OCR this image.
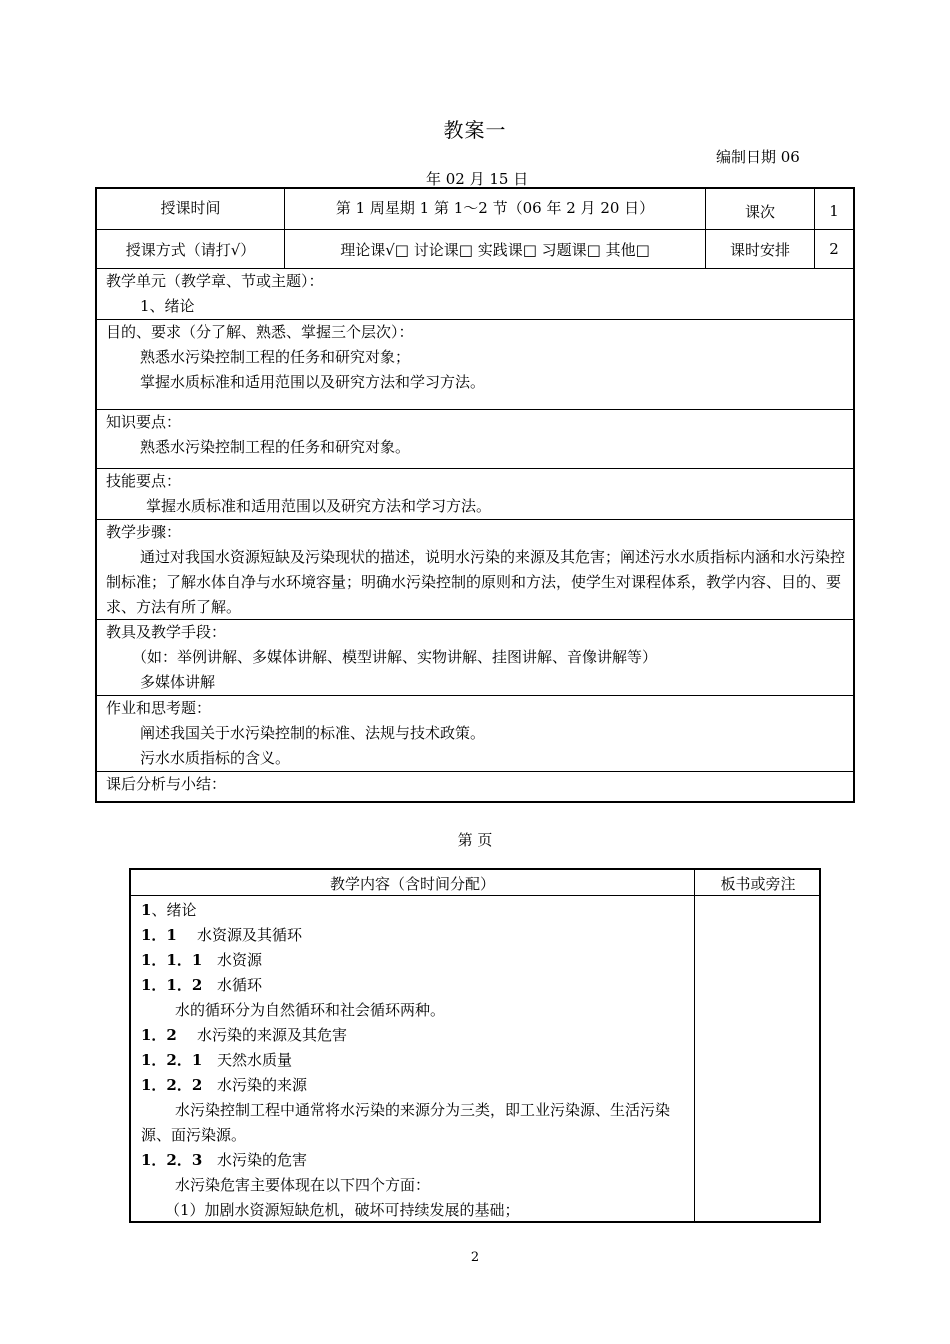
教案一
编制日期 06
年 02 月 15 日
授课时间	第 1 周星期 1 第 1～2 节（06 年 2 月 20 日）	课次	1
授课方式（请打√）	理论课√□ 讨论课□ 实践课□ 习题课□ 其他□	课时安排	2
教学单元（教学章、节或主题）：
1、绪论
目的、要求（分了解、熟悉、掌握三个层次）：
熟悉水污染控制工程的任务和研究对象；
掌握水质标准和适用范围以及研究方法和学习方法。
知识要点：
熟悉水污染控制工程的任务和研究对象。
技能要点：
掌握水质标准和适用范围以及研究方法和学习方法。
教学步骤：
通过对我国水资源短缺及污染现状的描述，说明水污染的来源及其危害；阐述污水水质指标内涵和水污染控制标准；了解水体自净与水环境容量；明确水污染控制的原则和方法，使学生对课程体系，教学内容、目的、要求、方法有所了解。
教具及教学手段：
（如：举例讲解、多媒体讲解、模型讲解、实物讲解、挂图讲解、音像讲解等）
多媒体讲解
作业和思考题：
阐述我国关于水污染控制的标准、法规与技术政策。
污水水质指标的含义。
课后分析与小结：
第 页
教学内容（含时间分配）	板书或旁注
1、绪论
1．1 水资源及其循环
1．1．1 水资源
1．1．2 水循环
水的循环分为自然循环和社会循环两种。
1．2 水污染的来源及其危害
1．2．1 天然水质量
1．2．2 水污染的来源
水污染控制工程中通常将水污染的来源分为三类，即工业污染源、生活污染源、面污染源。
1．2．3 水污染的危害
水污染危害主要体现在以下四个方面：
（1）加剧水资源短缺危机，破坏可持续发展的基础；
2
